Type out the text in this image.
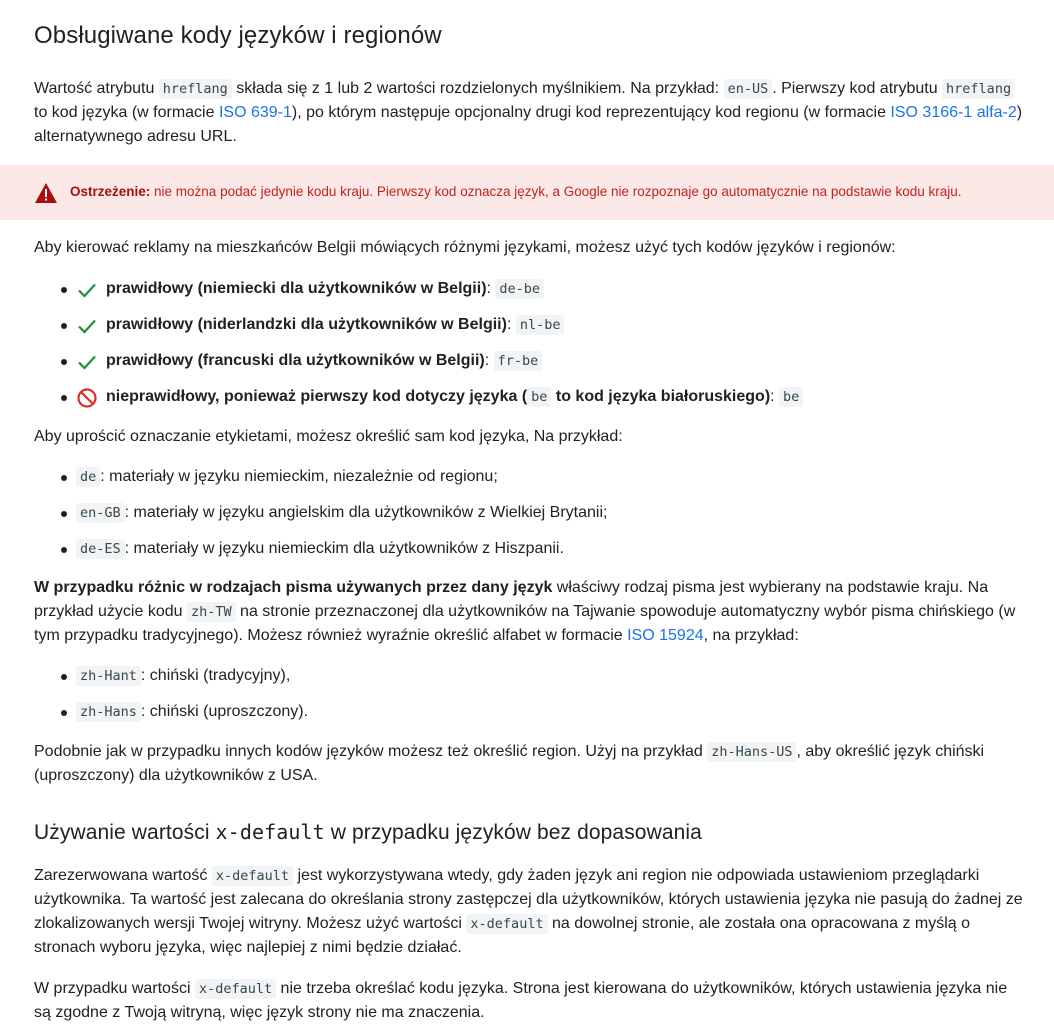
Obsługiwane kody języków i regionów

Wartość atrybutu hreflang składa się z 1 lub 2 wartości rozdzielonych myślnikiem. Na przykład: en-US . Pierwszy kod atrybutu hreflang to kod języka (w formacie ISO 639-1), po którym następuje opcjonalny drugi kod reprezentujący kod regionu (w formacie ISO 3166-1 alfa-2) alternatywnego adresu URL.

Ostrzeżenie: nie można podać jedynie kodu kraju. Pierwszy kod oznacza język, a Google nie rozpoznaje go automatycznie na podstawie kodu kraju.

Aby kierować reklamy na mieszkańców Belgii mówiących różnymi językami, możesz użyć tych kodów języków i regionów:

prawidłowy (niemiecki dla użytkowników w Belgii): de-be
prawidłowy (niderlandzki dla użytkowników w Belgii): nl-be
prawidłowy (francuski dla użytkowników w Belgii): fr-be
nieprawidłowy, ponieważ pierwszy kod dotyczy języka ( be to kod języka białoruskiego): be

Aby uprościć oznaczanie etykietami, możesz określić sam kod języka, Na przykład:

de : materiały w języku niemieckim, niezależnie od regionu;
en-GB : materiały w języku angielskim dla użytkowników z Wielkiej Brytanii;
de-ES : materiały w języku niemieckim dla użytkowników z Hiszpanii.

W przypadku różnic w rodzajach pisma używanych przez dany język właściwy rodzaj pisma jest wybierany na podstawie kraju. Na przykład użycie kodu zh-TW na stronie przeznaczonej dla użytkowników na Tajwanie spowoduje automatyczny wybór pisma chińskiego (w tym przypadku tradycyjnego). Możesz również wyraźnie określić alfabet w formacie ISO 15924, na przykład:

zh-Hant : chiński (tradycyjny),
zh-Hans : chiński (uproszczony).

Podobnie jak w przypadku innych kodów języków możesz też określić region. Użyj na przykład zh-Hans-US , aby określić język chiński (uproszczony) dla użytkowników z USA.

Używanie wartości x-default w przypadku języków bez dopasowania

Zarezerwowana wartość x-default jest wykorzystywana wtedy, gdy żaden język ani region nie odpowiada ustawieniom przeglądarki użytkownika. Ta wartość jest zalecana do określania strony zastępczej dla użytkowników, których ustawienia języka nie pasują do żadnej ze zlokalizowanych wersji Twojej witryny. Możesz użyć wartości x-default na dowolnej stronie, ale została ona opracowana z myślą o stronach wyboru języka, więc najlepiej z nimi będzie działać.

W przypadku wartości x-default nie trzeba określać kodu języka. Strona jest kierowana do użytkowników, których ustawienia języka nie są zgodne z Twoją witryną, więc język strony nie ma znaczenia.
